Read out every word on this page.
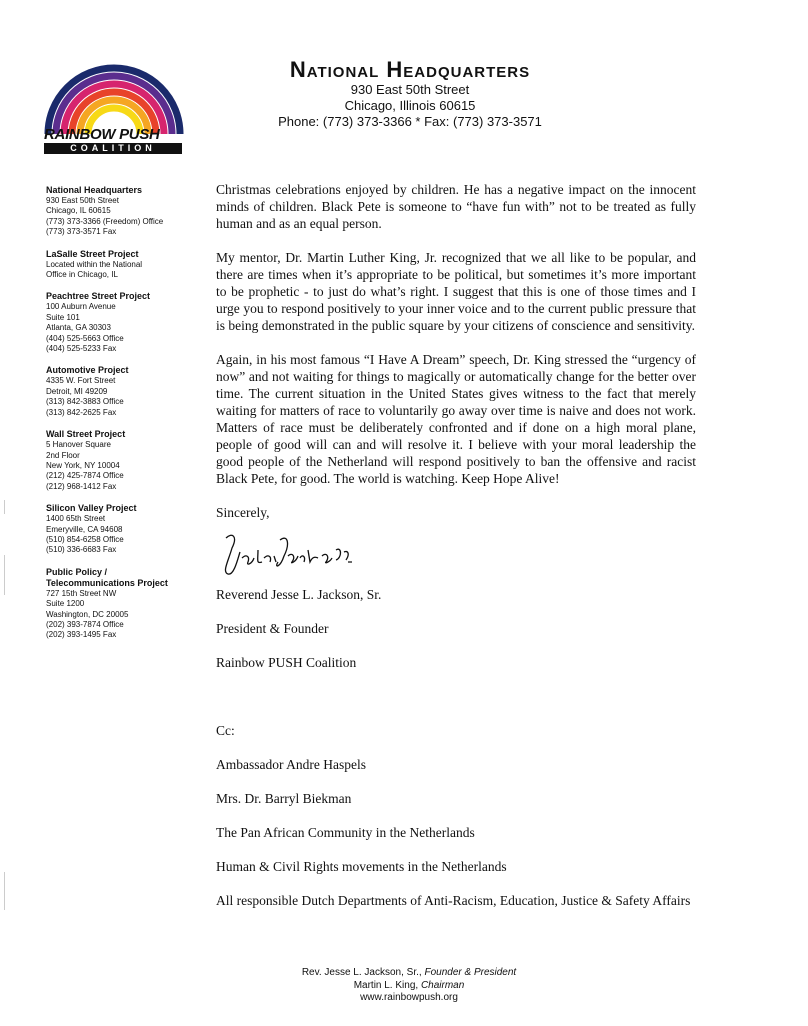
RAINBOW PUSH
COALITION
National Headquarters
930 East 50th Street
Chicago, Illinois 60615
Phone: (773) 373-3366 * Fax: (773) 373-3571
National Headquarters
930 East 50th Street
Chicago, IL 60615
(773) 373-3366 (Freedom) Office
(773) 373-3571 Fax
LaSalle Street Project
Located within the National
Office in Chicago, IL
Peachtree Street Project
100 Auburn Avenue
Suite 101
Atlanta, GA 30303
(404) 525-5663 Office
(404) 525-5233 Fax
Automotive Project
4335 W. Fort Street
Detroit, MI 49209
(313) 842-3883 Office
(313) 842-2625 Fax
Wall Street Project
5 Hanover Square
2nd Floor
New York, NY 10004
(212) 425-7874 Office
(212) 968-1412 Fax
Silicon Valley Project
1400 65th Street
Emeryville, CA 94608
(510) 854-6258 Office
(510) 336-6683 Fax
Public Policy /
Telecommunications Project
727 15th Street NW
Suite 1200
Washington, DC 20005
(202) 393-7874 Office
(202) 393-1495 Fax

Christmas celebrations enjoyed by children. He has a negative impact on the innocent minds of children. Black Pete is someone to “have fun with” not to be treated as fully human and as an equal person.

My mentor, Dr. Martin Luther King, Jr. recognized that we all like to be popular, and there are times when it’s appropriate to be political, but sometimes it’s more important to be prophetic - to just do what’s right. I suggest that this is one of those times and I urge you to respond positively to your inner voice and to the current public pressure that is being demonstrated in the public square by your citizens of conscience and sensitivity.

Again, in his most famous “I Have A Dream” speech, Dr. King stressed the “urgency of now” and not waiting for things to magically or automatically change for the better over time. The current situation in the United States gives witness to the fact that merely waiting for matters of race to voluntarily go away over time is naive and does not work. Matters of race must be deliberately confronted and if done on a high moral plane, people of good will can and will resolve it. I believe with your moral leadership the good people of the Netherland will respond positively to ban the offensive and racist Black Pete, for good. The world is watching. Keep Hope Alive!

Sincerely,

Reverend Jesse L. Jackson, Sr.

President & Founder

Rainbow PUSH Coalition

Cc:

Ambassador Andre Haspels

Mrs. Dr. Barryl Biekman

The Pan African Community in the Netherlands

Human & Civil Rights movements in the Netherlands

All responsible Dutch Departments of Anti-Racism, Education, Justice & Safety Affairs

Rev. Jesse L. Jackson, Sr., Founder & President
Martin L. King, Chairman
www.rainbowpush.org
